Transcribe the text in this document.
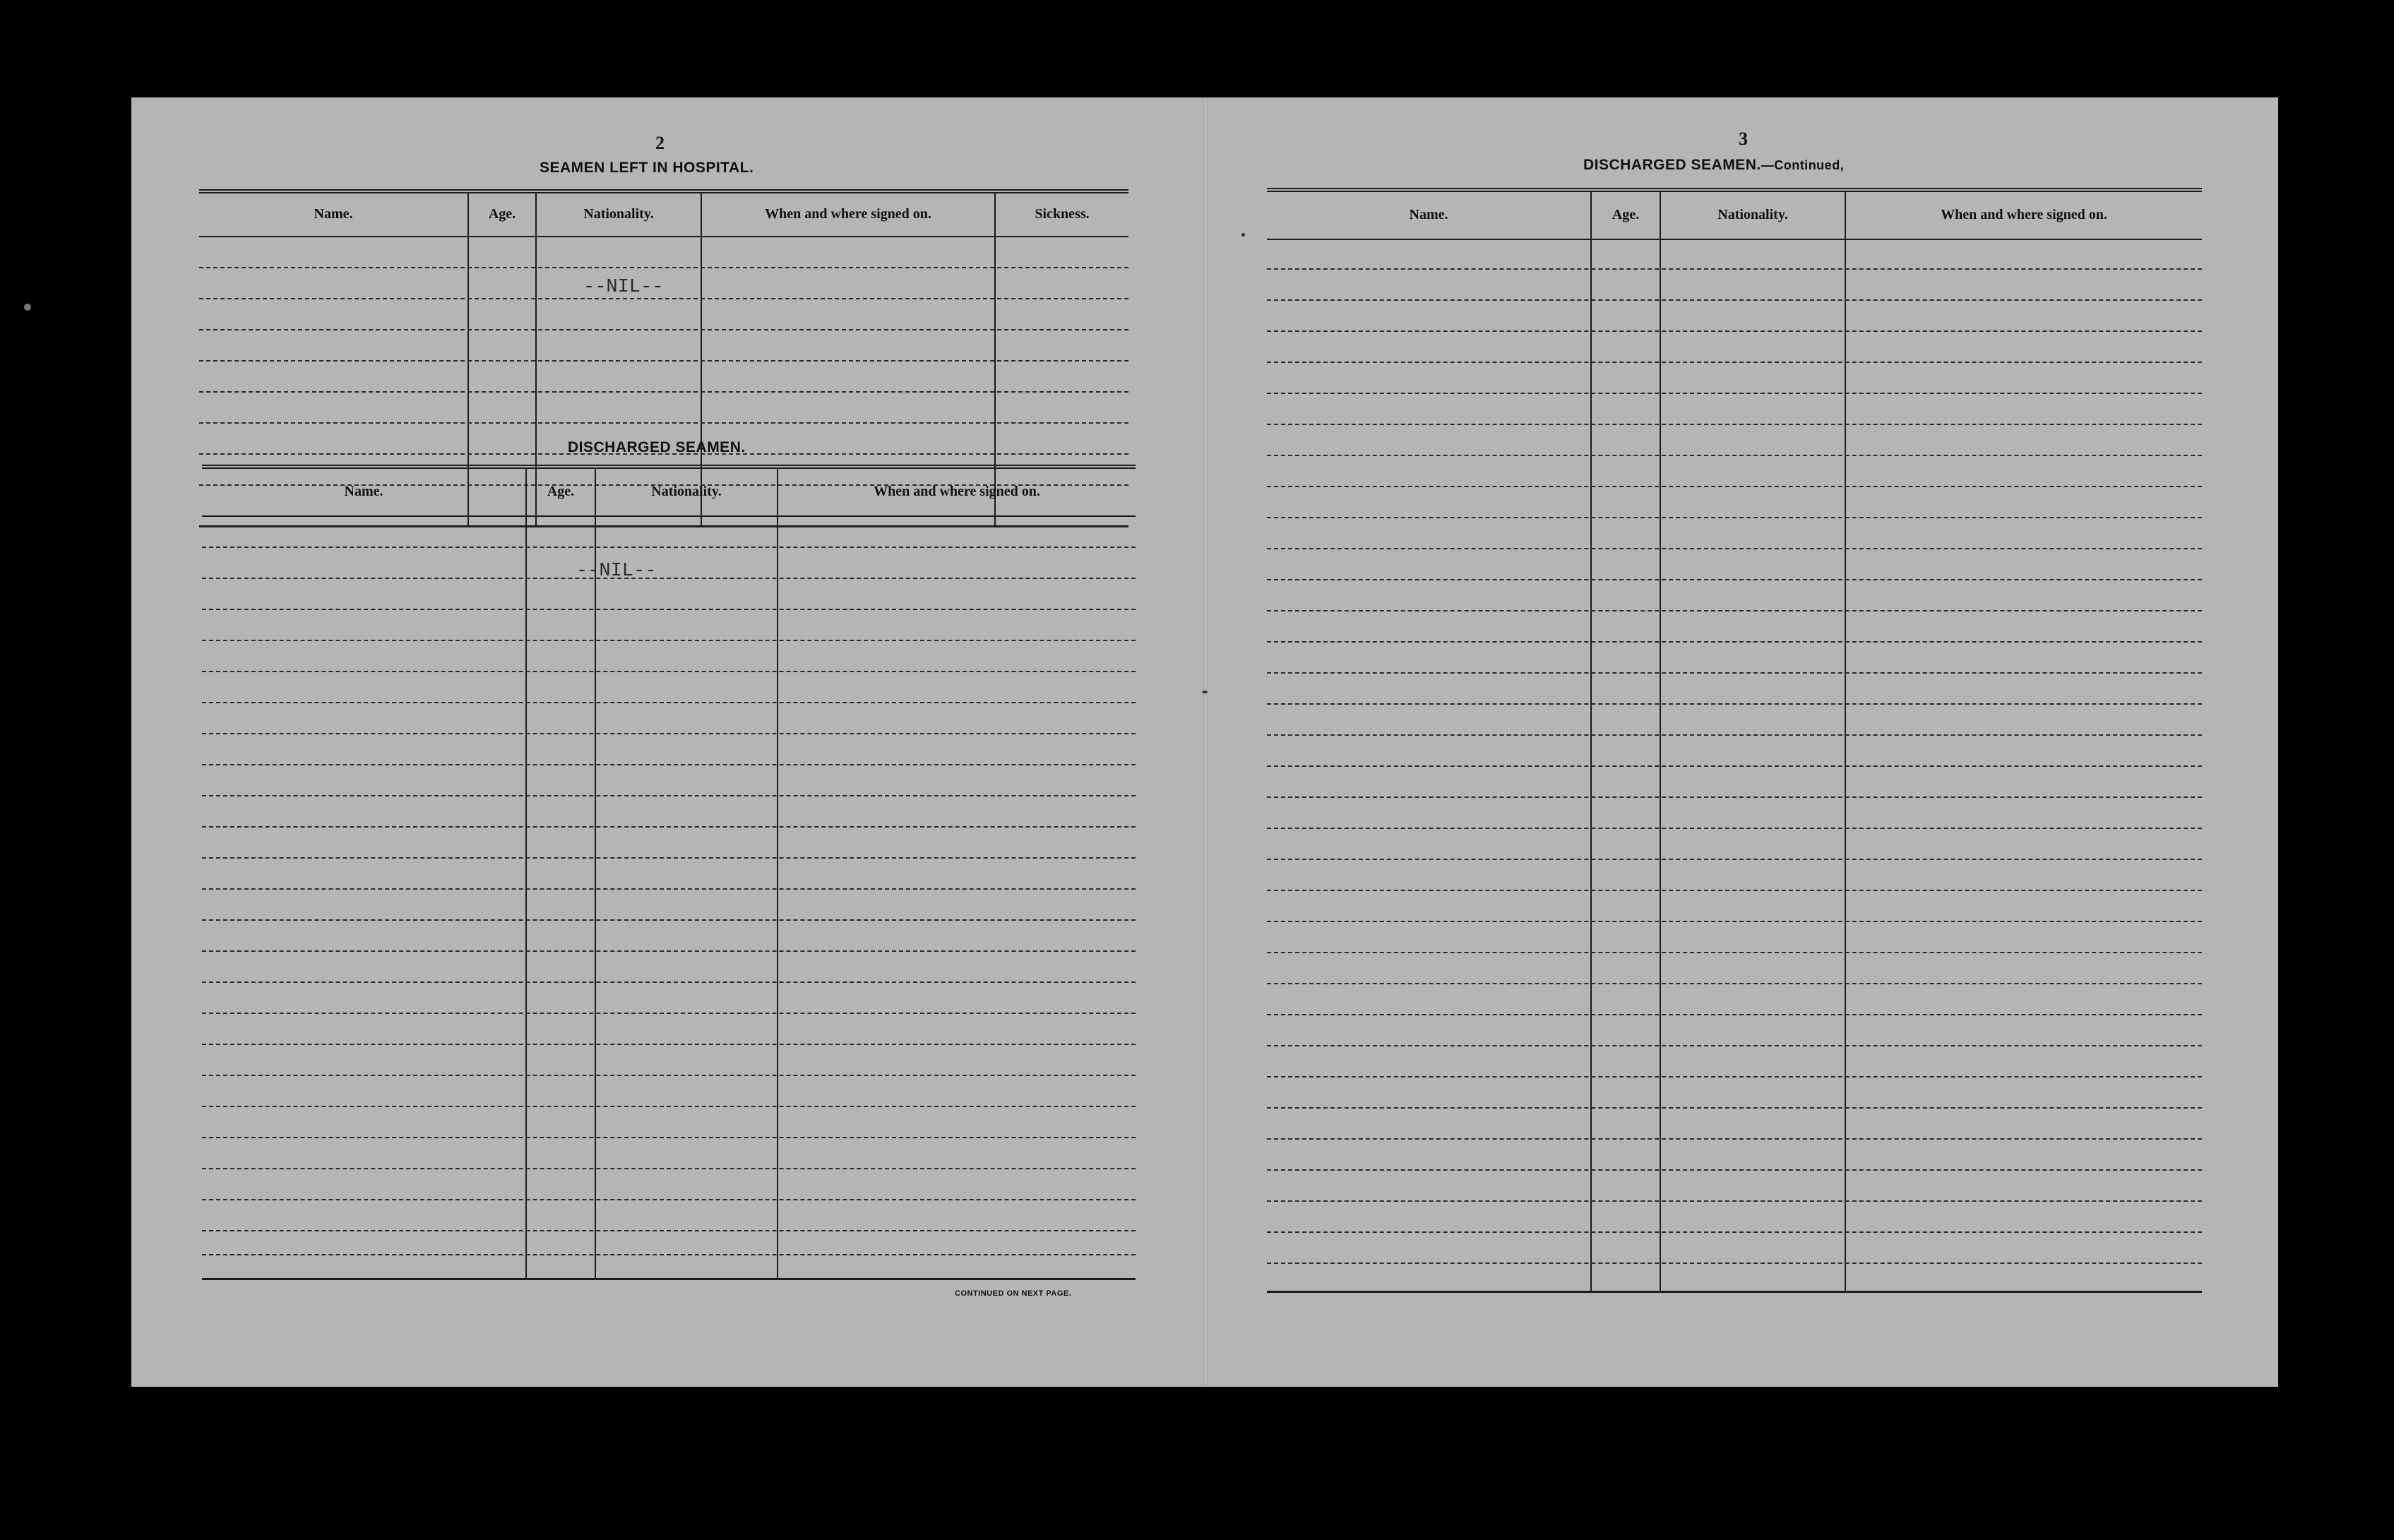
2
SEAMEN LEFT IN HOSPITAL.
Name.	Age.	Nationality.	When and where signed on.	Sickness.
--NIL--
DISCHARGED SEAMEN.
Name.	Age.	Nationality.	When and where signed on.
--NIL--
CONTINUED ON NEXT PAGE.
3
DISCHARGED SEAMEN.—Continued,
Name.	Age.	Nationality.	When and where signed on.
